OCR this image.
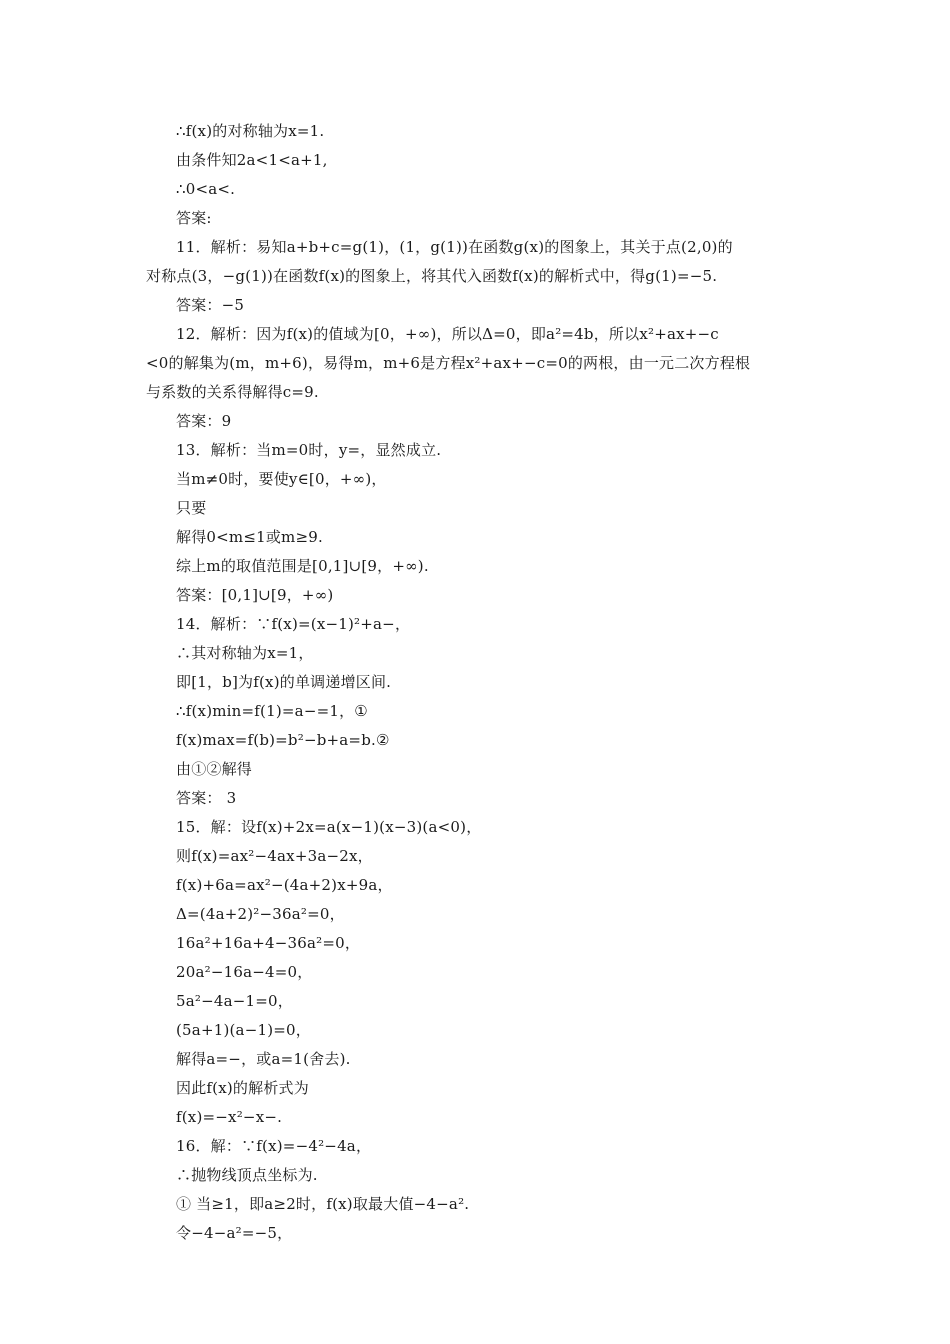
∴f(x)的对称轴为x=1.
由条件知2a<1<a+1,
∴0<a<.
答案:
11．解析：易知a+b+c=g(1)，(1，g(1))在函数g(x)的图象上，其关于点(2,0)的
对称点(3，−g(1))在函数f(x)的图象上，将其代入函数f(x)的解析式中，得g(1)=−5.
答案：−5
12．解析：因为f(x)的值域为[0，+∞)，所以Δ=0，即a²=4b，所以x²+ax+−c
<0的解集为(m，m+6)，易得m，m+6是方程x²+ax+−c=0的两根，由一元二次方程根
与系数的关系得解得c=9.
答案：9
13．解析：当m=0时，y=，显然成立.
当m≠0时，要使y∈[0，+∞)，
只要
解得0<m≤1或m≥9.
综上m的取值范围是[0,1]∪[9，+∞).
答案：[0,1]∪[9，+∞)
14．解析：∵f(x)=(x−1)²+a−，
∴其对称轴为x=1，
即[1，b]为f(x)的单调递增区间.
∴f(x)min=f(1)=a−=1，①
f(x)max=f(b)=b²−b+a=b.②
由①②解得
答案： 3
15．解：设f(x)+2x=a(x−1)(x−3)(a<0)，
则f(x)=ax²−4ax+3a−2x，
f(x)+6a=ax²−(4a+2)x+9a，
Δ=(4a+2)²−36a²=0，
16a²+16a+4−36a²=0，
20a²−16a−4=0，
5a²−4a−1=0，
(5a+1)(a−1)=0，
解得a=−，或a=1(舍去).
因此f(x)的解析式为
f(x)=−x²−x−.
16．解：∵f(x)=−4²−4a，
∴抛物线顶点坐标为.
① 当≥1，即a≥2时，f(x)取最大值−4−a².
令−4−a²=−5，
